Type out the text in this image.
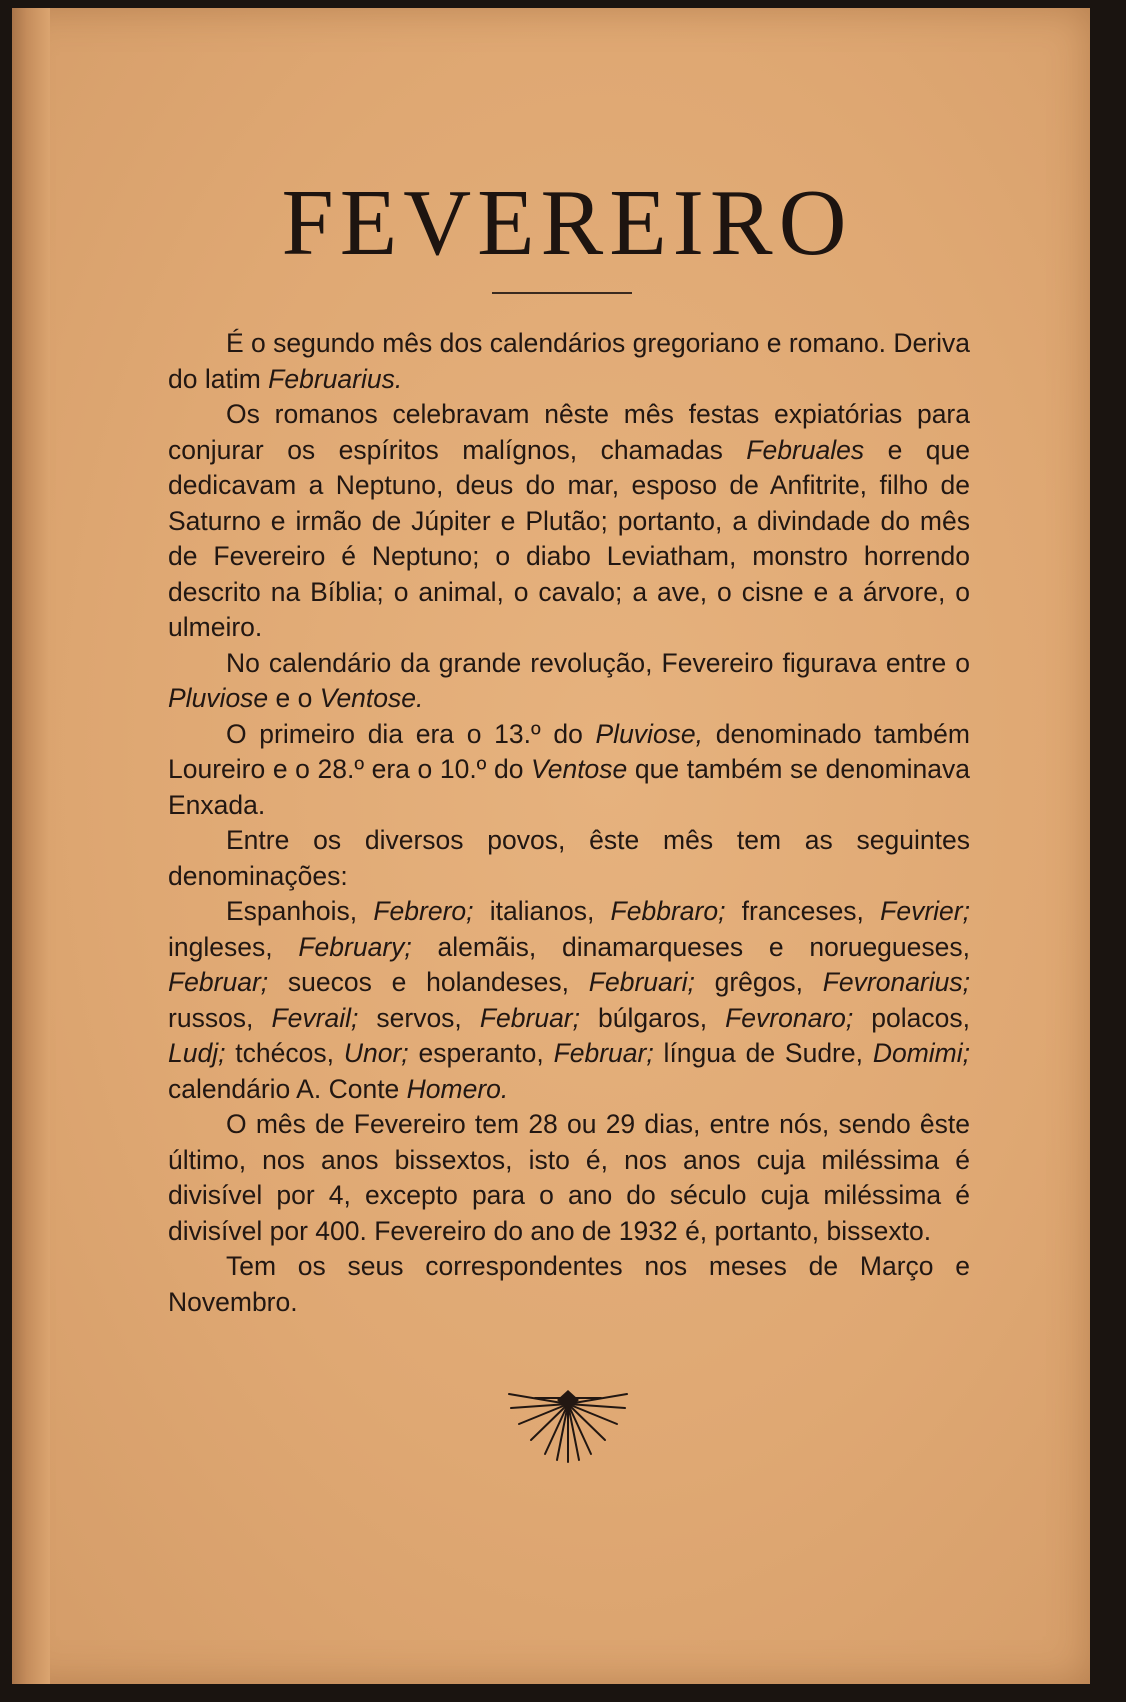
FEVEREIRO

É o segundo mês dos calendários gregoriano e romano. Deriva do latim Februarius.

Os romanos celebravam nêste mês festas expiatórias para conjurar os espíritos malígnos, chamadas Februales e que dedicavam a Neptuno, deus do mar, esposo de Anfitrite, filho de Saturno e irmão de Júpiter e Plutão; portanto, a divindade do mês de Fevereiro é Neptuno; o diabo Leviatham, monstro horrendo descrito na Bíblia; o animal, o cavalo; a ave, o cisne e a árvore, o ulmeiro.

No calendário da grande revolução, Fevereiro figurava entre o Pluviose e o Ventose.

O primeiro dia era o 13.º do Pluviose, denominado também Loureiro e o 28.º era o 10.º do Ventose que também se denominava Enxada.

Entre os diversos povos, êste mês tem as seguintes denominações:

Espanhois, Febrero; italianos, Febbraro; franceses, Fevrier; ingleses, February; alemãis, dinamarqueses e noruegueses, Februar; suecos e holandeses, Februari; grêgos, Fevronarius; russos, Fevrail; servos, Februar; búlgaros, Fevronaro; polacos, Ludj; tchécos, Unor; esperanto, Februar; língua de Sudre, Domimi; calendário A. Conte Homero.

O mês de Fevereiro tem 28 ou 29 dias, entre nós, sendo êste último, nos anos bissextos, isto é, nos anos cuja miléssima é divisível por 4, excepto para o ano do século cuja miléssima é divisível por 400. Fevereiro do ano de 1932 é, portanto, bissexto.

Tem os seus correspondentes nos meses de Março e Novembro.
